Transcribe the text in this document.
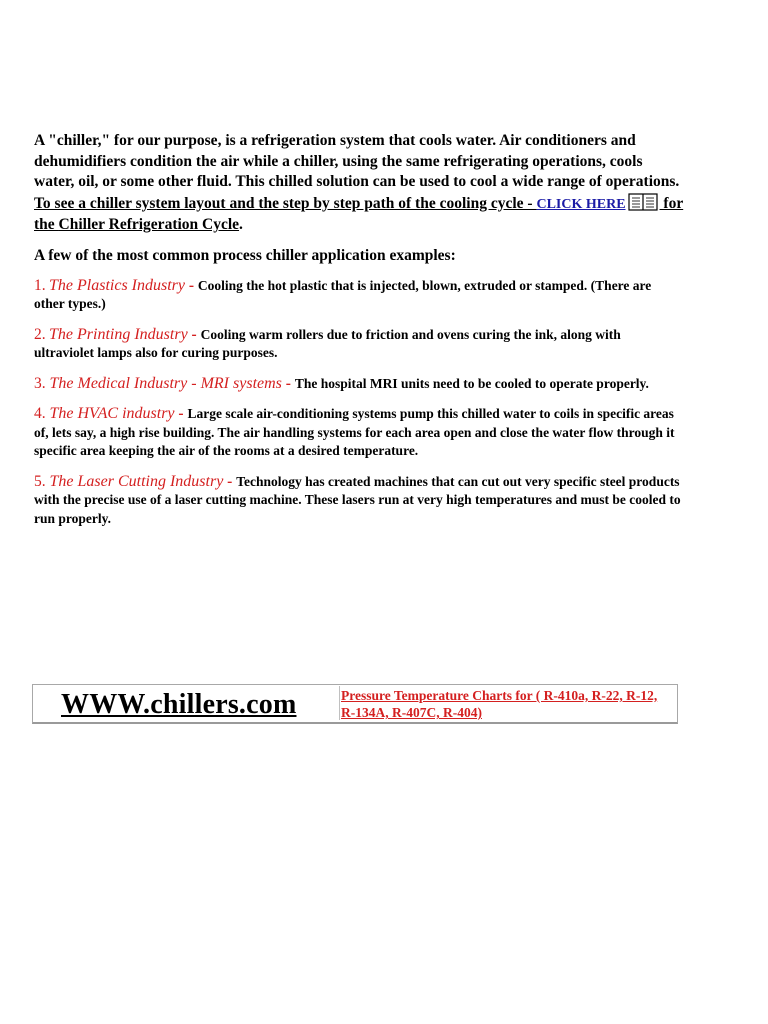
A "chiller," for our purpose, is a refrigeration system that cools water. Air conditioners and dehumidifiers condition the air while a chiller, using the same refrigerating operations, cools water, oil, or some other fluid. This chilled solution can be used to cool a wide range of operations. To see a chiller system layout and the step by step path of the cooling cycle - CLICK HERE for the Chiller Refrigeration Cycle.

A few of the most common process chiller application examples:

1. The Plastics Industry - Cooling the hot plastic that is injected, blown, extruded or stamped. (There are other types.)

2. The Printing Industry - Cooling warm rollers due to friction and ovens curing the ink, along with ultraviolet lamps also for curing purposes.

3. The Medical Industry - MRI systems - The hospital MRI units need to be cooled to operate properly.

4. The HVAC industry - Large scale air-conditioning systems pump this chilled water to coils in specific areas of, lets say, a high rise building. The air handling systems for each area open and close the water flow through it specific area keeping the air of the rooms at a desired temperature.

5. The Laser Cutting Industry - Technology has created machines that can cut out very specific steel products with the precise use of a laser cutting machine. These lasers run at very high temperatures and must be cooled to run properly.

WWW.chillers.com	Pressure Temperature Charts for ( R-410a, R-22, R-12, R-134A, R-407C, R-404)
